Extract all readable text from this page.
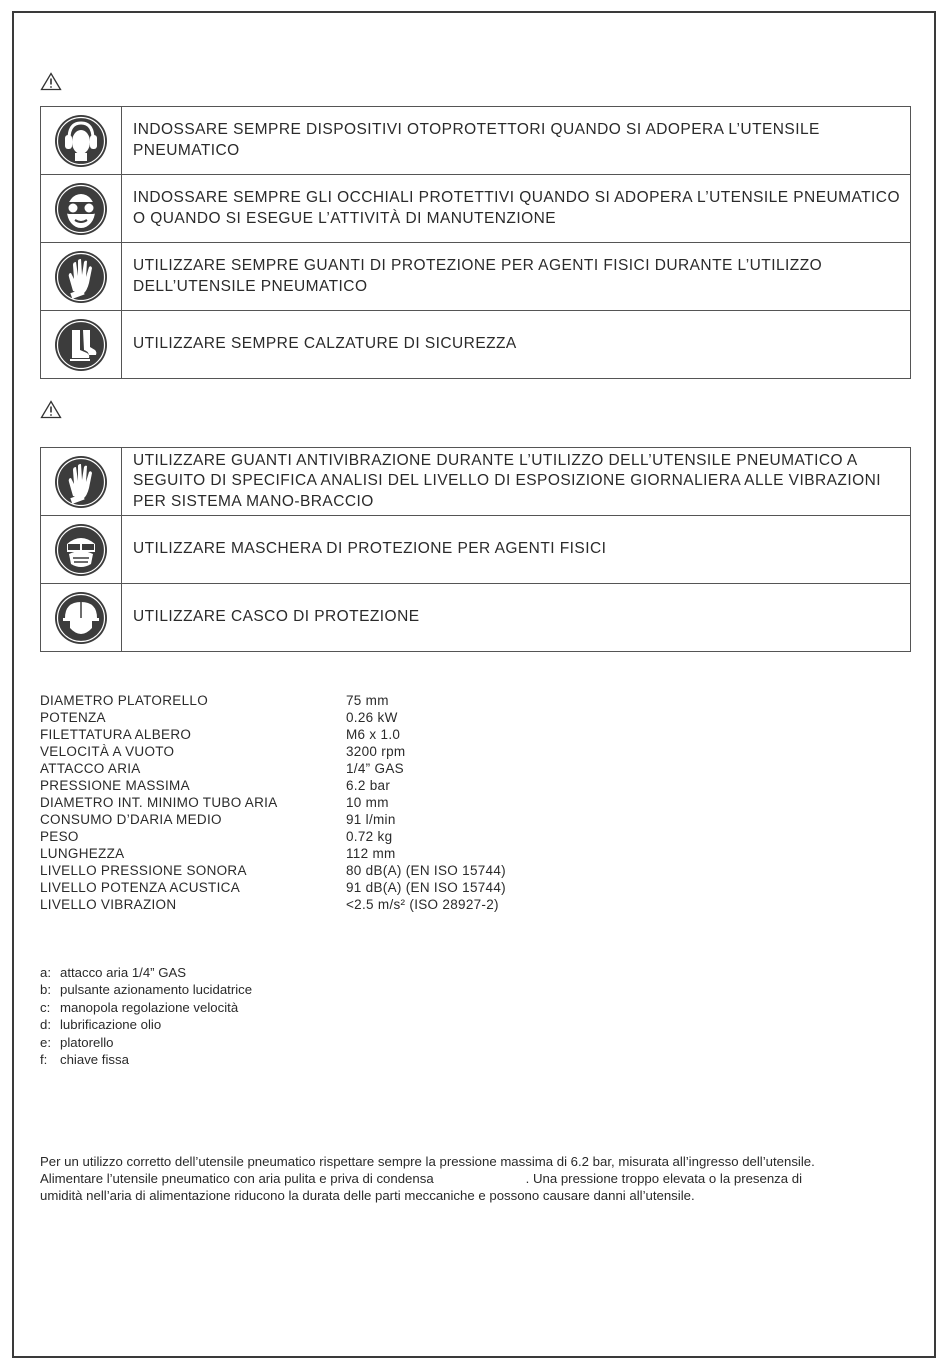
INDOSSARE SEMPRE DISPOSITIVI OTOPROTETTORI QUANDO SI ADOPERA L’UTENSILE PNEUMATICO
INDOSSARE SEMPRE GLI OCCHIALI PROTETTIVI QUANDO SI ADOPERA L’UTENSILE PNEUMATICO O QUANDO SI ESEGUE L’ATTIVITÀ DI MANUTENZIONE
UTILIZZARE SEMPRE GUANTI DI PROTEZIONE PER AGENTI FISICI DURANTE L’UTILIZZO DELL’UTENSILE PNEUMATICO
UTILIZZARE SEMPRE CALZATURE DI SICUREZZA
UTILIZZARE GUANTI ANTIVIBRAZIONE DURANTE L’UTILIZZO DELL’UTENSILE PNEUMATICO A SEGUITO DI SPECIFICA ANALISI DEL LIVELLO DI ESPOSIZIONE GIORNALIERA ALLE VIBRAZIONI PER SISTEMA MANO-BRACCIO
UTILIZZARE MASCHERA DI PROTEZIONE PER AGENTI FISICI
UTILIZZARE CASCO DI PROTEZIONE
DIAMETRO PLATORELLO	75 mm
POTENZA	0.26 kW
FILETTATURA ALBERO	M6 x 1.0
VELOCITÀ A VUOTO	3200 rpm
ATTACCO ARIA	1/4” GAS
PRESSIONE MASSIMA	6.2 bar
DIAMETRO INT. MINIMO TUBO ARIA	10 mm
CONSUMO D’DARIA MEDIO	91 l/min
PESO	0.72 kg
LUNGHEZZA	112 mm
LIVELLO PRESSIONE SONORA	80 dB(A) (EN ISO 15744)
LIVELLO POTENZA ACUSTICA	91 dB(A) (EN ISO 15744)
LIVELLO VIBRAZION	<2.5 m/s² (ISO 28927-2)
a: attacco aria 1/4” GAS
b: pulsante azionamento lucidatrice
c: manopola regolazione velocità
d: lubrificazione olio
e: platorello
f: chiave fissa
Per un utilizzo corretto dell’utensile pneumatico rispettare sempre la pressione massima di 6.2 bar, misurata all’ingresso dell’utensile.
Alimentare l’utensile pneumatico con aria pulita e priva di condensa	. Una pressione troppo elevata o la presenza di
umidità nell’aria di alimentazione riducono la durata delle parti meccaniche e possono causare danni all’utensile.
